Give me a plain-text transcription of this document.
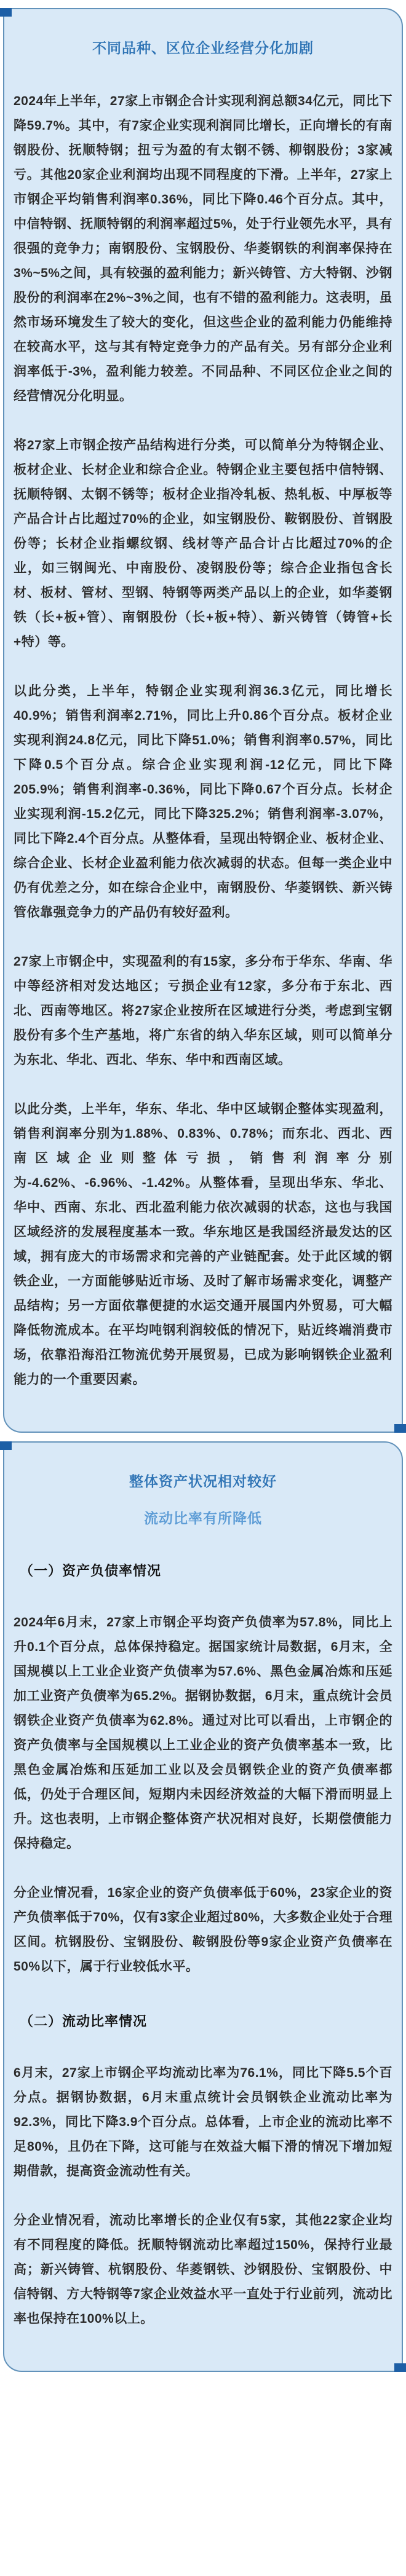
不同品种、区位企业经营分化加剧

2024年上半年，27家上市钢企合计实现利润总额34亿元，同比下降59.7%。其中，有7家企业实现利润同比增长，正向增长的有南钢股份、抚顺特钢；扭亏为盈的有太钢不锈、柳钢股份；3家减亏。其他20家企业利润均出现不同程度的下滑。上半年，27家上市钢企平均销售利润率0.36%，同比下降0.46个百分点。其中，中信特钢、抚顺特钢的利润率超过5%，处于行业领先水平，具有很强的竞争力；南钢股份、宝钢股份、华菱钢铁的利润率保持在3%~5%之间，具有较强的盈利能力；新兴铸管、方大特钢、沙钢股份的利润率在2%~3%之间，也有不错的盈利能力。这表明，虽然市场环境发生了较大的变化，但这些企业的盈利能力仍能维持在较高水平，这与其有特定竞争力的产品有关。另有部分企业利润率低于-3%，盈利能力较差。不同品种、不同区位企业之间的经营情况分化明显。

将27家上市钢企按产品结构进行分类，可以简单分为特钢企业、板材企业、长材企业和综合企业。特钢企业主要包括中信特钢、抚顺特钢、太钢不锈等；板材企业指冷轧板、热轧板、中厚板等产品合计占比超过70%的企业，如宝钢股份、鞍钢股份、首钢股份等；长材企业指螺纹钢、线材等产品合计占比超过70%的企业，如三钢闽光、中南股份、凌钢股份等；综合企业指包含长材、板材、管材、型钢、特钢等两类产品以上的企业，如华菱钢铁（长+板+管）、南钢股份（长+板+特）、新兴铸管（铸管+长+特）等。

以此分类，上半年，特钢企业实现利润36.3亿元，同比增长40.9%；销售利润率2.71%，同比上升0.86个百分点。板材企业实现利润24.8亿元，同比下降51.0%；销售利润率0.57%，同比下降0.5个百分点。综合企业实现利润-12亿元，同比下降205.9%；销售利润率-0.36%，同比下降0.67个百分点。长材企业实现利润-15.2亿元，同比下降325.2%；销售利润率-3.07%，同比下降2.4个百分点。从整体看，呈现出特钢企业、板材企业、综合企业、长材企业盈利能力依次减弱的状态。但每一类企业中仍有优差之分，如在综合企业中，南钢股份、华菱钢铁、新兴铸管依靠强竞争力的产品仍有较好盈利。

27家上市钢企中，实现盈利的有15家，多分布于华东、华南、华中等经济相对发达地区；亏损企业有12家，多分布于东北、西北、西南等地区。将27家企业按所在区域进行分类，考虑到宝钢股份有多个生产基地，将广东省的纳入华东区域，则可以简单分为东北、华北、西北、华东、华中和西南区域。

以此分类，上半年，华东、华北、华中区域钢企整体实现盈利，销售利润率分别为1.88%、0.83%、0.78%；而东北、西北、西南区域企业则整体亏损，销售利润率分别为-4.62%、-6.96%、-1.42%。从整体看，呈现出华东、华北、华中、西南、东北、西北盈利能力依次减弱的状态，这也与我国区域经济的发展程度基本一致。华东地区是我国经济最发达的区域，拥有庞大的市场需求和完善的产业链配套。处于此区域的钢铁企业，一方面能够贴近市场、及时了解市场需求变化，调整产品结构；另一方面依靠便捷的水运交通开展国内外贸易，可大幅降低物流成本。在平均吨钢利润较低的情况下，贴近终端消费市场，依靠沿海沿江物流优势开展贸易，已成为影响钢铁企业盈利能力的一个重要因素。

整体资产状况相对较好
流动比率有所降低
（一）资产负债率情况

2024年6月末，27家上市钢企平均资产负债率为57.8%，同比上升0.1个百分点，总体保持稳定。据国家统计局数据，6月末，全国规模以上工业企业资产负债率为57.6%、黑色金属冶炼和压延加工业资产负债率为65.2%。据钢协数据，6月末，重点统计会员钢铁企业资产负债率为62.8%。通过对比可以看出，上市钢企的资产负债率与全国规模以上工业企业的资产负债率基本一致，比黑色金属冶炼和压延加工业以及会员钢铁企业的资产负债率都低，仍处于合理区间，短期内未因经济效益的大幅下滑而明显上升。这也表明，上市钢企整体资产状况相对良好，长期偿债能力保持稳定。

分企业情况看，16家企业的资产负债率低于60%，23家企业的资产负债率低于70%，仅有3家企业超过80%，大多数企业处于合理区间。杭钢股份、宝钢股份、鞍钢股份等9家企业资产负债率在50%以下，属于行业较低水平。

（二）流动比率情况

6月末，27家上市钢企平均流动比率为76.1%，同比下降5.5个百分点。据钢协数据，6月末重点统计会员钢铁企业流动比率为92.3%，同比下降3.9个百分点。总体看，上市企业的流动比率不足80%，且仍在下降，这可能与在效益大幅下滑的情况下增加短期借款，提高资金流动性有关。

分企业情况看，流动比率增长的企业仅有5家，其他22家企业均有不同程度的降低。抚顺特钢流动比率超过150%，保持行业最高；新兴铸管、杭钢股份、华菱钢铁、沙钢股份、宝钢股份、中信特钢、方大特钢等7家企业效益水平一直处于行业前列，流动比率也保持在100%以上。
